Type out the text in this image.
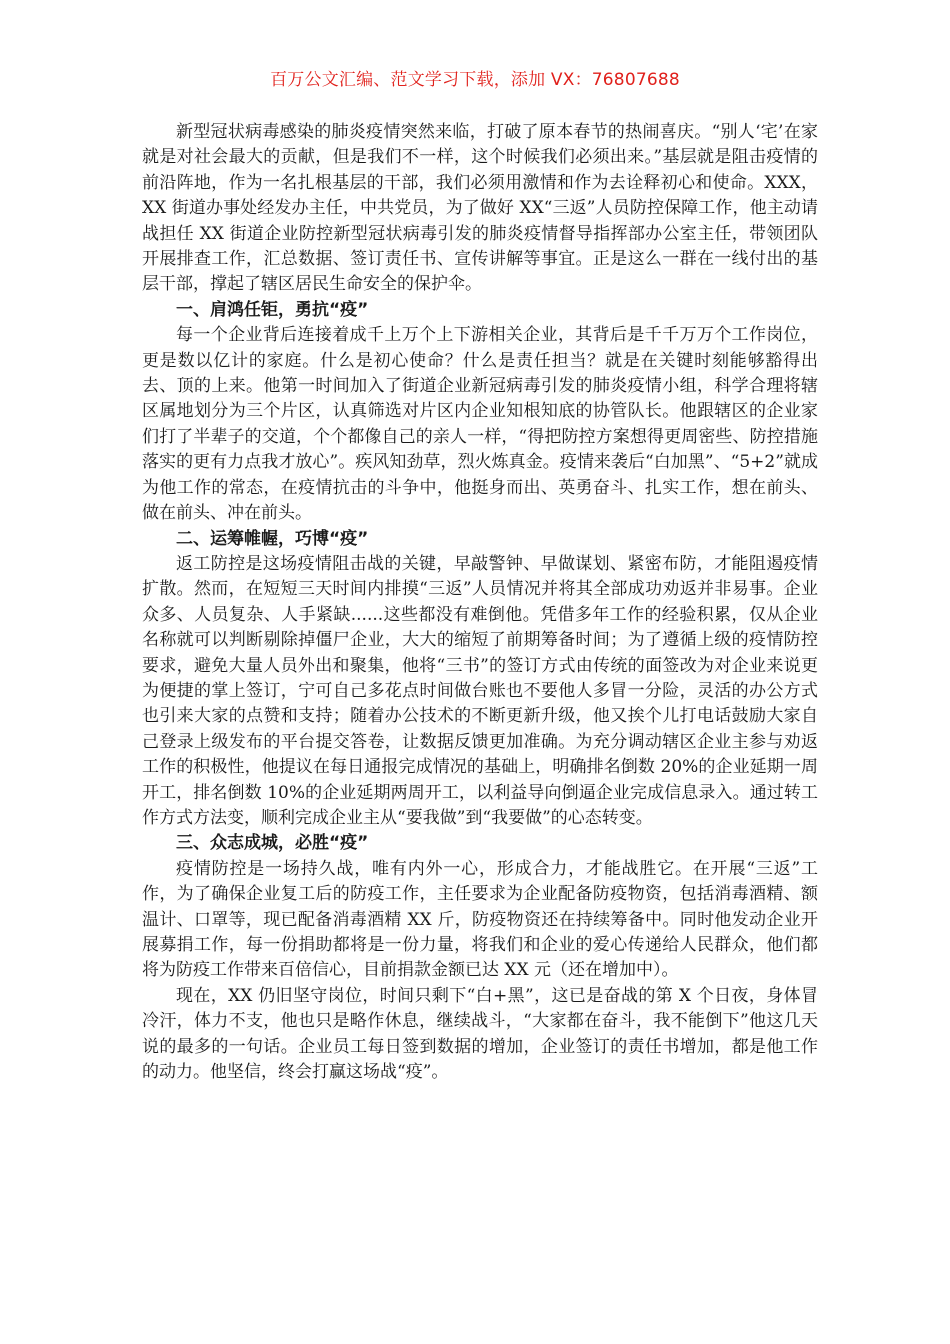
百万公文汇编、范文学习下载，添加 VX：76807688

新型冠状病毒感染的肺炎疫情突然来临，打破了原本春节的热闹喜庆。“别人‘宅’在家就是对社会最大的贡献，但是我们不一样，这个时候我们必须出来。”基层就是阻击疫情的前沿阵地，作为一名扎根基层的干部，我们必须用激情和作为去诠释初心和使命。XXX，XX 街道办事处经发办主任，中共党员，为了做好 XX“三返”人员防控保障工作，他主动请战担任 XX 街道企业防控新型冠状病毒引发的肺炎疫情督导指挥部办公室主任，带领团队开展排查工作，汇总数据、签订责任书、宣传讲解等事宜。正是这么一群在一线付出的基层干部，撑起了辖区居民生命安全的保护伞。

一、肩鸿任钜，勇抗“疫”

每一个企业背后连接着成千上万个上下游相关企业，其背后是千千万万个工作岗位，更是数以亿计的家庭。什么是初心使命？什么是责任担当？就是在关键时刻能够豁得出去、顶的上来。他第一时间加入了街道企业新冠病毒引发的肺炎疫情小组，科学合理将辖区属地划分为三个片区，认真筛选对片区内企业知根知底的协管队长。他跟辖区的企业家们打了半辈子的交道，个个都像自己的亲人一样，“得把防控方案想得更周密些、防控措施落实的更有力点我才放心”。疾风知劲草，烈火炼真金。疫情来袭后“白加黑”、“5+2”就成为他工作的常态，在疫情抗击的斗争中，他挺身而出、英勇奋斗、扎实工作，想在前头、做在前头、冲在前头。

二、运筹帷幄，巧博“疫”

返工防控是这场疫情阻击战的关键，早敲警钟、早做谋划、紧密布防，才能阻遏疫情扩散。然而，在短短三天时间内排摸“三返”人员情况并将其全部成功劝返并非易事。企业众多、人员复杂、人手紧缺......这些都没有难倒他。凭借多年工作的经验积累，仅从企业名称就可以判断剔除掉僵尸企业，大大的缩短了前期筹备时间；为了遵循上级的疫情防控要求，避免大量人员外出和聚集，他将“三书”的签订方式由传统的面签改为对企业来说更为便捷的掌上签订，宁可自己多花点时间做台账也不要他人多冒一分险，灵活的办公方式也引来大家的点赞和支持；随着办公技术的不断更新升级，他又挨个儿打电话鼓励大家自己登录上级发布的平台提交答卷，让数据反馈更加准确。为充分调动辖区企业主参与劝返工作的积极性，他提议在每日通报完成情况的基础上，明确排名倒数 20%的企业延期一周开工，排名倒数 10%的企业延期两周开工，以利益导向倒逼企业完成信息录入。通过转工作方式方法变，顺利完成企业主从“要我做”到“我要做”的心态转变。

三、众志成城，必胜“疫”

疫情防控是一场持久战，唯有内外一心，形成合力，才能战胜它。在开展“三返”工作，为了确保企业复工后的防疫工作，主任要求为企业配备防疫物资，包括消毒酒精、额温计、口罩等，现已配备消毒酒精 XX 斤，防疫物资还在持续筹备中。同时他发动企业开展募捐工作，每一份捐助都将是一份力量，将我们和企业的爱心传递给人民群众，他们都将为防疫工作带来百倍信心，目前捐款金额已达 XX 元（还在增加中）。

现在，XX 仍旧坚守岗位，时间只剩下“白+黑”，这已是奋战的第 X 个日夜，身体冒冷汗，体力不支，他也只是略作休息，继续战斗，“大家都在奋斗，我不能倒下”他这几天说的最多的一句话。企业员工每日签到数据的增加，企业签订的责任书增加，都是他工作的动力。他坚信，终会打赢这场战“疫”。
